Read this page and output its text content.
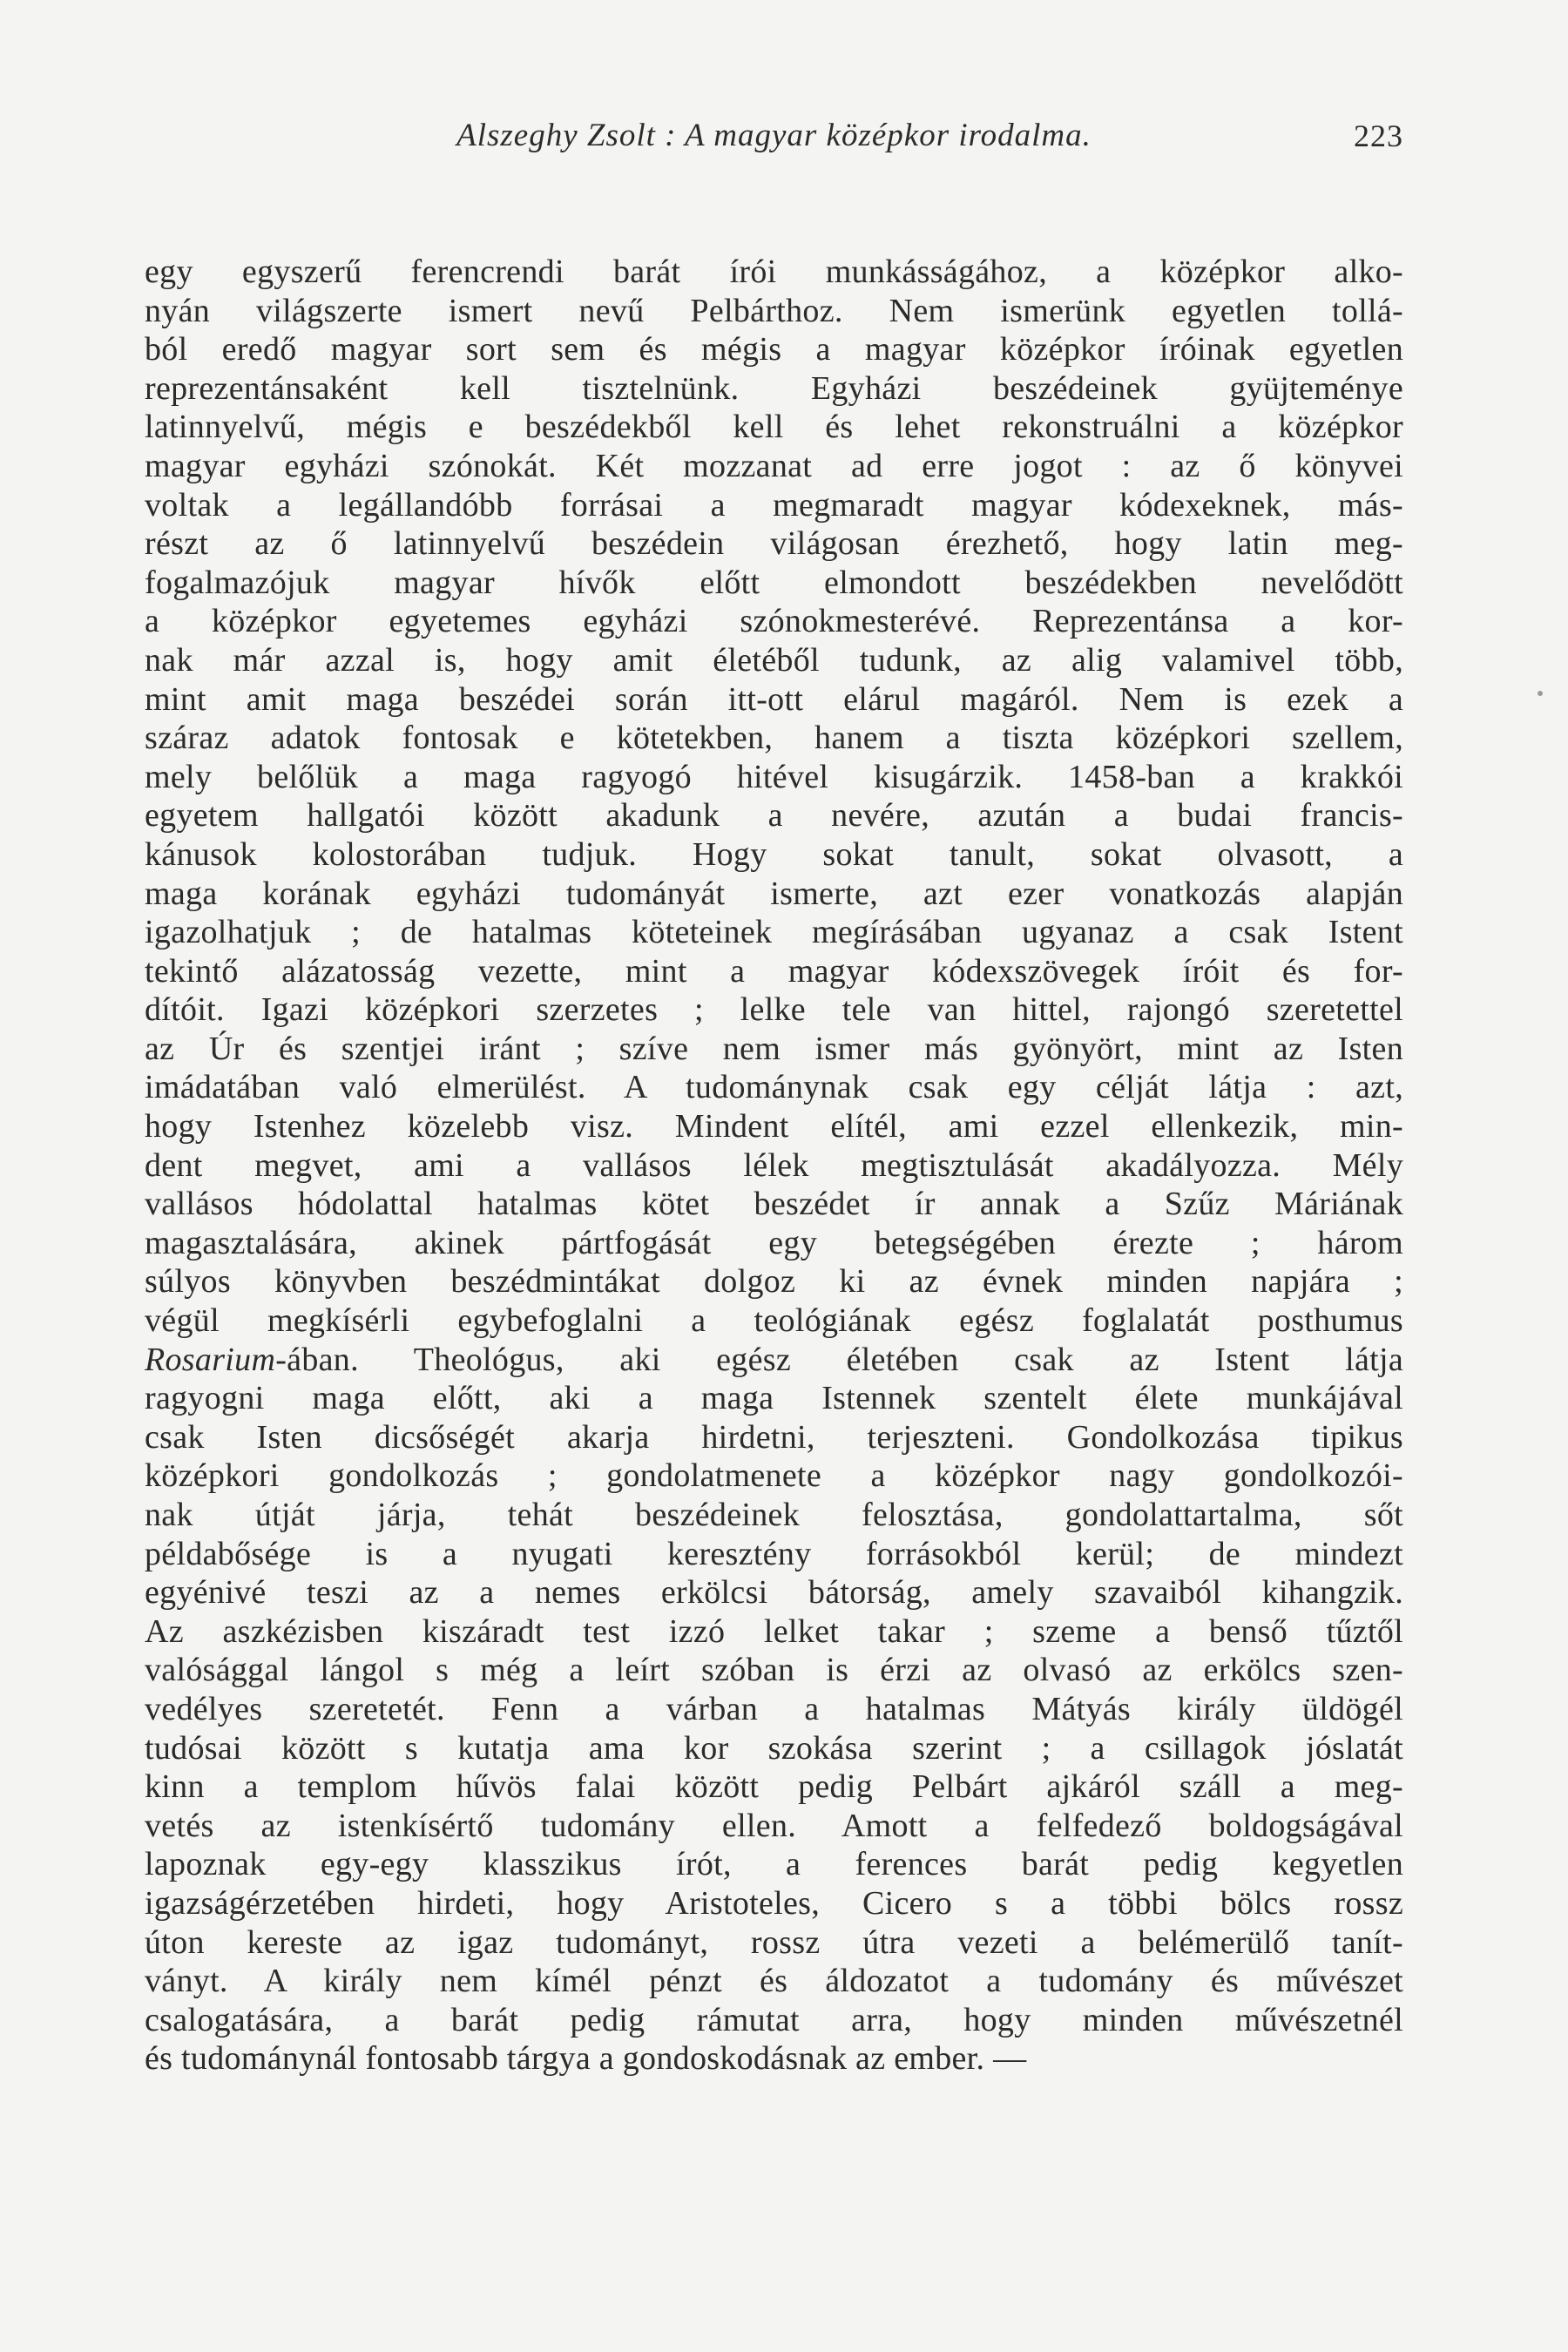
Alszeghy Zsolt : A magyar középkor irodalma.	223
egy egyszerű ferencrendi barát írói munkásságához, a középkor alko-
nyán világszerte ismert nevű Pelbárthoz. Nem ismerünk egyetlen tollá-
ból eredő magyar sort sem és mégis a magyar középkor íróinak egyetlen
reprezentánsaként kell tisztelnünk. Egyházi beszédeinek gyüjteménye
latinnyelvű, mégis e beszédekből kell és lehet rekonstruálni a középkor
magyar egyházi szónokát. Két mozzanat ad erre jogot : az ő könyvei
voltak a legállandóbb forrásai a megmaradt magyar kódexeknek, más-
részt az ő latinnyelvű beszédein világosan érezhető, hogy latin meg-
fogalmazójuk magyar hívők előtt elmondott beszédekben nevelődött
a középkor egyetemes egyházi szónokmesterévé. Reprezentánsa a kor-
nak már azzal is, hogy amit életéből tudunk, az alig valamivel több,
mint amit maga beszédei során itt-ott elárul magáról. Nem is ezek a
száraz adatok fontosak e kötetekben, hanem a tiszta középkori szellem,
mely belőlük a maga ragyogó hitével kisugárzik. 1458-ban a krakkói
egyetem hallgatói között akadunk a nevére, azután a budai francis-
kánusok kolostorában tudjuk. Hogy sokat tanult, sokat olvasott, a
maga korának egyházi tudományát ismerte, azt ezer vonatkozás alapján
igazolhatjuk ; de hatalmas köteteinek megírásában ugyanaz a csak Istent
tekintő alázatosság vezette, mint a magyar kódexszövegek íróit és for-
dítóit. Igazi középkori szerzetes ; lelke tele van hittel, rajongó szeretettel
az Úr és szentjei iránt ; szíve nem ismer más gyönyört, mint az Isten
imádatában való elmerülést. A tudománynak csak egy célját látja : azt,
hogy Istenhez közelebb visz. Mindent elítél, ami ezzel ellenkezik, min-
dent megvet, ami a vallásos lélek megtisztulását akadályozza. Mély
vallásos hódolattal hatalmas kötet beszédet ír annak a Szűz Máriának
magasztalására, akinek pártfogását egy betegségében érezte ; három
súlyos könyvben beszédmintákat dolgoz ki az évnek minden napjára ;
végül megkísérli egybefoglalni a teológiának egész foglalatát posthumus
Rosarium-ában. Theológus, aki egész életében csak az Istent látja
ragyogni maga előtt, aki a maga Istennek szentelt élete munkájával
csak Isten dicsőségét akarja hirdetni, terjeszteni. Gondolkozása tipikus
középkori gondolkozás ; gondolatmenete a középkor nagy gondolkozói-
nak útját járja, tehát beszédeinek felosztása, gondolattartalma, sőt
példabősége is a nyugati keresztény forrásokból kerül; de mindezt
egyénivé teszi az a nemes erkölcsi bátorság, amely szavaiból kihangzik.
Az aszkézisben kiszáradt test izzó lelket takar ; szeme a benső tűztől
valósággal lángol s még a leírt szóban is érzi az olvasó az erkölcs szen-
vedélyes szeretetét. Fenn a várban a hatalmas Mátyás király üldögél
tudósai között s kutatja ama kor szokása szerint ; a csillagok jóslatát
kinn a templom hűvös falai között pedig Pelbárt ajkáról száll a meg-
vetés az istenkísértő tudomány ellen. Amott a felfedező boldogságával
lapoznak egy-egy klasszikus írót, a ferences barát pedig kegyetlen
igazságérzetében hirdeti, hogy Aristoteles, Cicero s a többi bölcs rossz
úton kereste az igaz tudományt, rossz útra vezeti a belémerülő tanít-
ványt. A király nem kímél pénzt és áldozatot a tudomány és művészet
csalogatására, a barát pedig rámutat arra, hogy minden művészetnél
és tudománynál fontosabb tárgya a gondoskodásnak az ember. —
